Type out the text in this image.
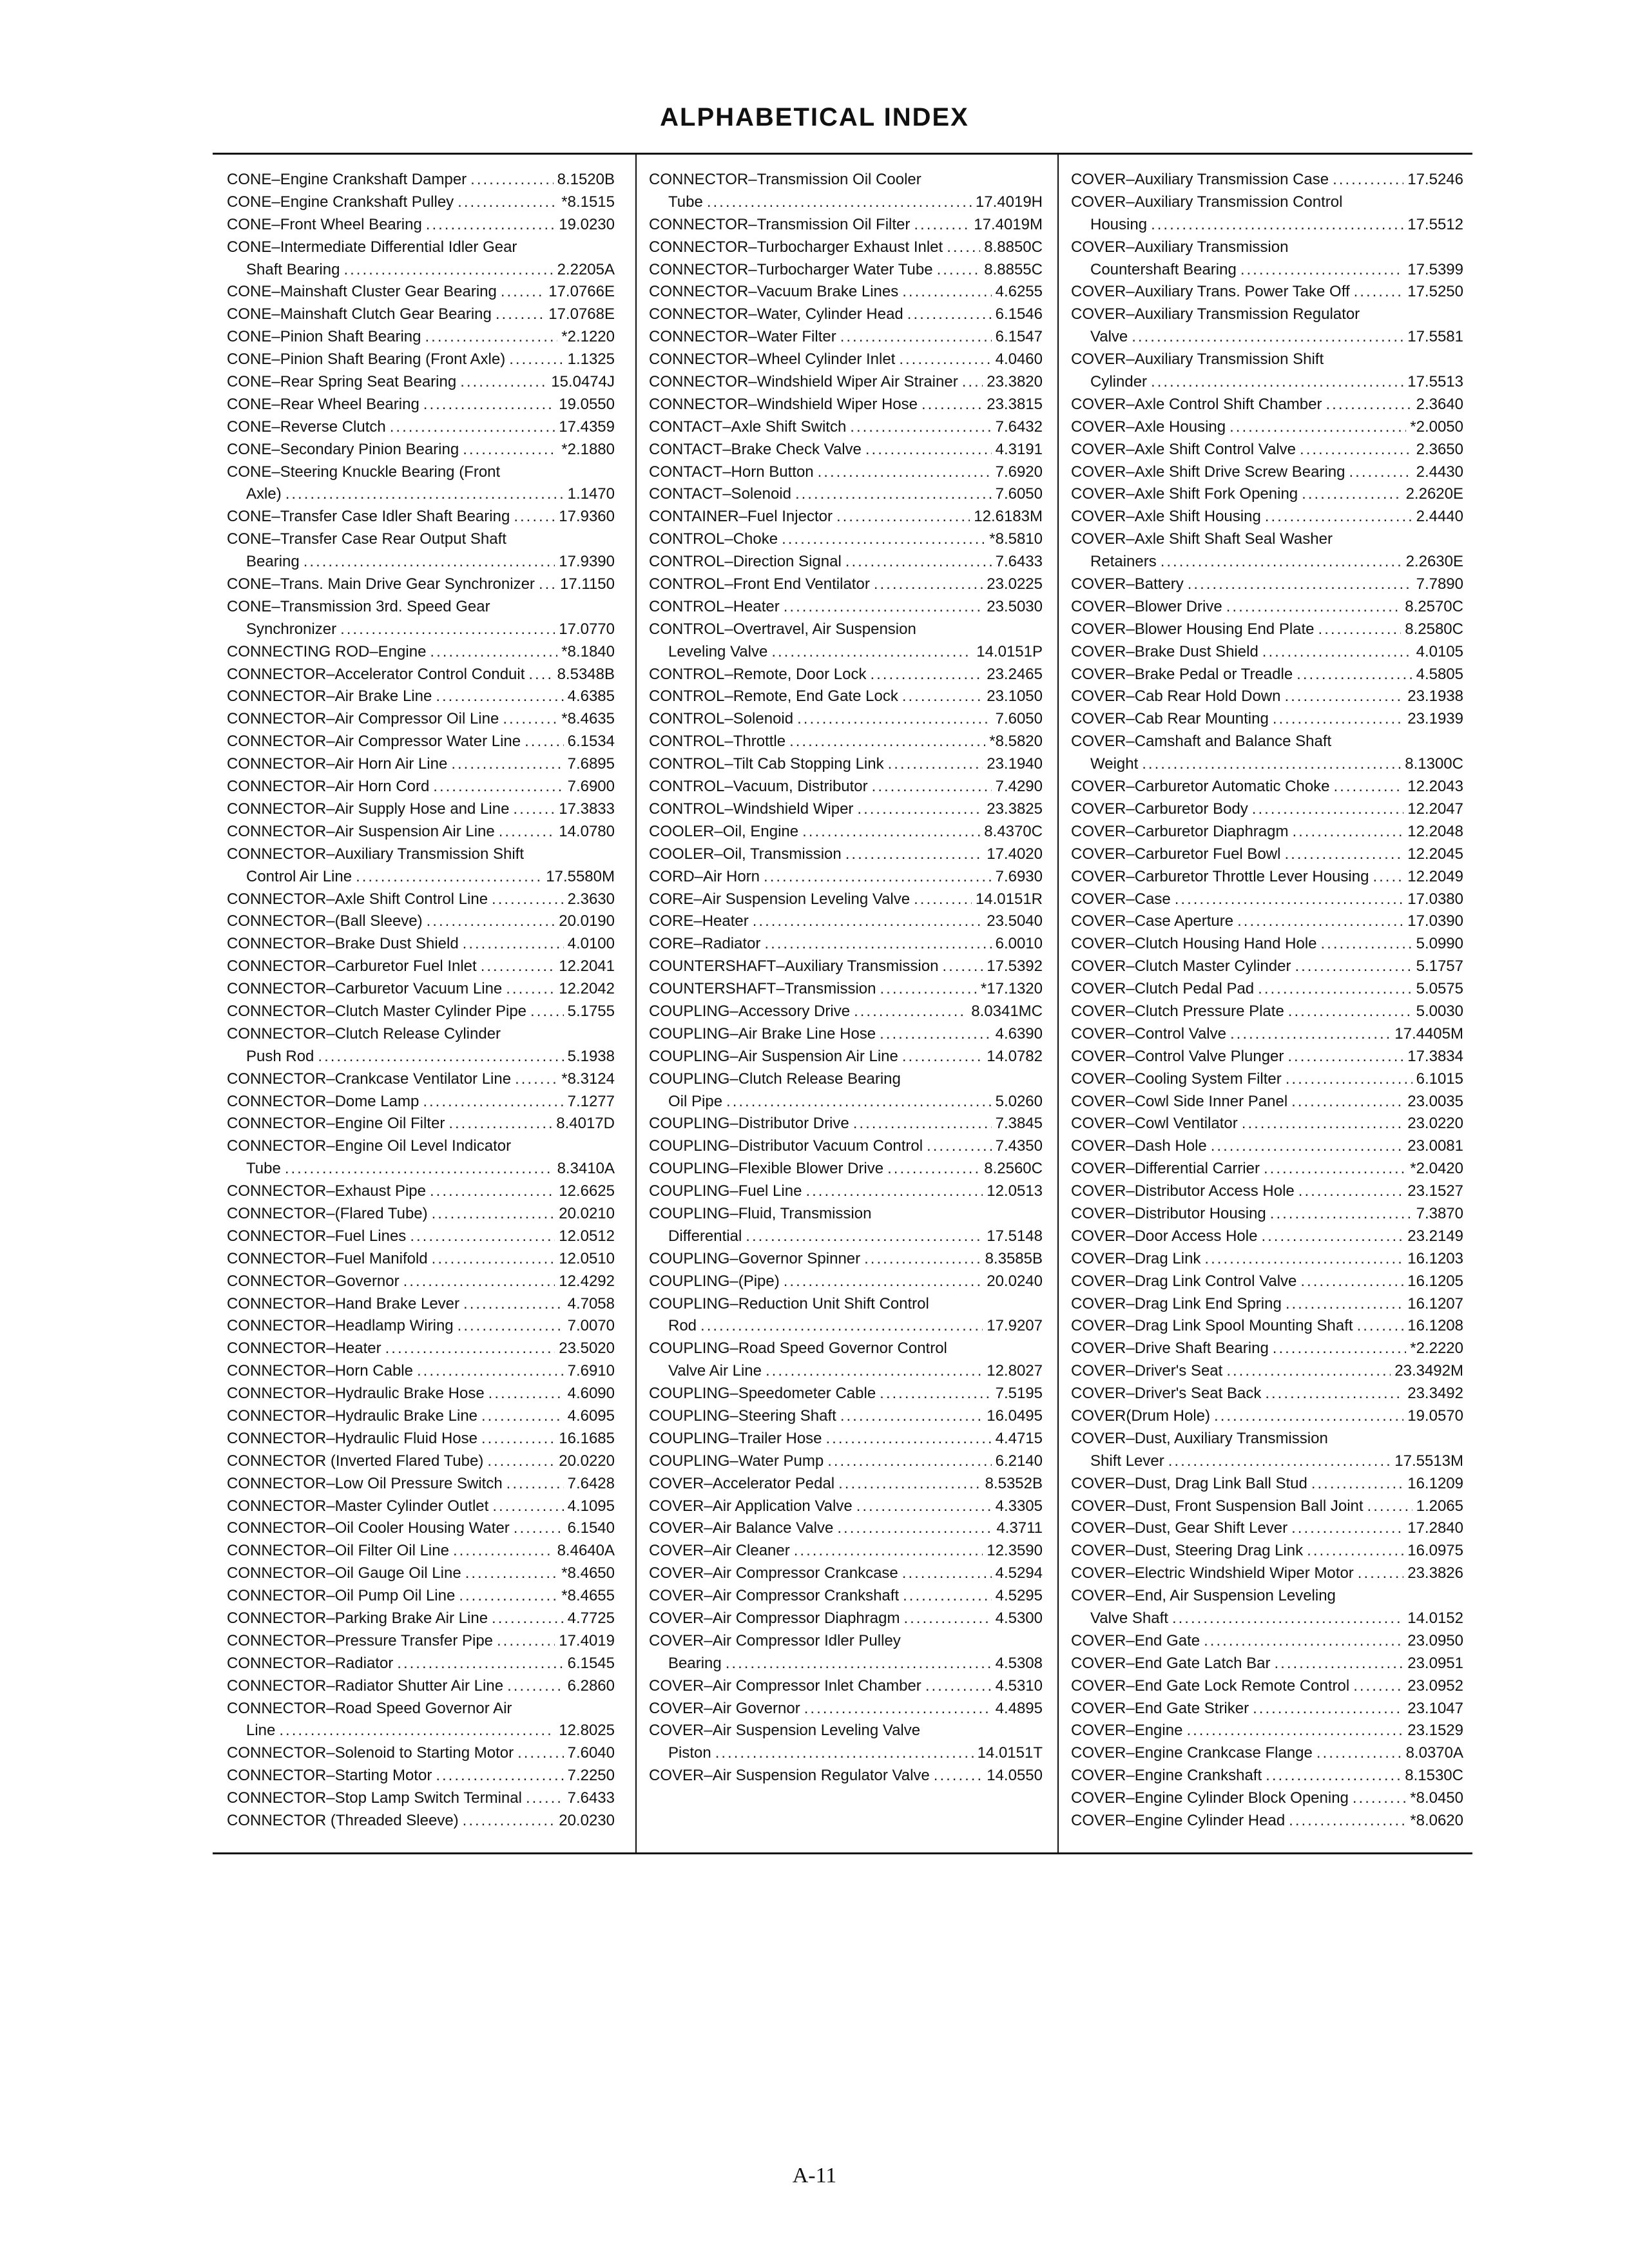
ALPHABETICAL INDEX
CONE–Engine Crankshaft Damper .....	8.1520B
CONE–Engine Crankshaft Pulley .....	*8.1515
CONE–Front Wheel Bearing .....	19.0230
CONE–Intermediate Differential Idler Gear
Shaft Bearing .....	2.2205A
CONE–Mainshaft Cluster Gear Bearing .....	17.0766E
CONE–Mainshaft Clutch Gear Bearing .....	17.0768E
CONE–Pinion Shaft Bearing .....	*2.1220
CONE–Pinion Shaft Bearing (Front Axle) .....	1.1325
CONE–Rear Spring Seat Bearing .....	15.0474J
CONE–Rear Wheel Bearing .....	19.0550
CONE–Reverse Clutch .....	17.4359
CONE–Secondary Pinion Bearing .....	*2.1880
CONE–Steering Knuckle Bearing (Front
Axle) .....	1.1470
CONE–Transfer Case Idler Shaft Bearing .....	17.9360
CONE–Transfer Case Rear Output Shaft
Bearing .....	17.9390
CONE–Trans. Main Drive Gear Synchronizer ..... 17.1150
CONE–Transmission 3rd. Speed Gear
Synchronizer .....	17.0770
CONNECTING ROD–Engine .....	*8.1840
CONNECTOR–Accelerator Control Conduit ..... 8.5348B
CONNECTOR–Air Brake Line .....	4.6385
CONNECTOR–Air Compressor Oil Line .....	*8.4635
CONNECTOR–Air Compressor Water Line .....	6.1534
CONNECTOR–Air Horn Air Line .....	7.6895
CONNECTOR–Air Horn Cord .....	7.6900
CONNECTOR–Air Supply Hose and Line .....	17.3833
CONNECTOR–Air Suspension Air Line .....	14.0780
CONNECTOR–Auxiliary Transmission Shift
Control Air Line .....	17.5580M
CONNECTOR–Axle Shift Control Line .....	2.3630
CONNECTOR–(Ball Sleeve) .....	20.0190
CONNECTOR–Brake Dust Shield .....	4.0100
CONNECTOR–Carburetor Fuel Inlet .....	12.2041
CONNECTOR–Carburetor Vacuum Line .....	12.2042
CONNECTOR–Clutch Master Cylinder Pipe .....	5.1755
CONNECTOR–Clutch Release Cylinder
Push Rod .....	5.1938
CONNECTOR–Crankcase Ventilator Line .....	*8.3124
CONNECTOR–Dome Lamp .....	7.1277
CONNECTOR–Engine Oil Filter .....	8.4017D
CONNECTOR–Engine Oil Level Indicator
Tube .....	8.3410A
CONNECTOR–Exhaust Pipe .....	12.6625
CONNECTOR–(Flared Tube) .....	20.0210
CONNECTOR–Fuel Lines .....	12.0512
CONNECTOR–Fuel Manifold .....	12.0510
CONNECTOR–Governor .....	12.4292
CONNECTOR–Hand Brake Lever .....	4.7058
CONNECTOR–Headlamp Wiring .....	7.0070
CONNECTOR–Heater .....	23.5020
CONNECTOR–Horn Cable .....	7.6910
CONNECTOR–Hydraulic Brake Hose .....	4.6090
CONNECTOR–Hydraulic Brake Line .....	4.6095
CONNECTOR–Hydraulic Fluid Hose .....	16.1685
CONNECTOR (Inverted Flared Tube) .....	20.0220
CONNECTOR–Low Oil Pressure Switch .....	7.6428
CONNECTOR–Master Cylinder Outlet .....	4.1095
CONNECTOR–Oil Cooler Housing Water .....	6.1540
CONNECTOR–Oil Filter Oil Line .....	8.4640A
CONNECTOR–Oil Gauge Oil Line .....	*8.4650
CONNECTOR–Oil Pump Oil Line .....	*8.4655
CONNECTOR–Parking Brake Air Line .....	4.7725
CONNECTOR–Pressure Transfer Pipe .....	17.4019
CONNECTOR–Radiator .....	6.1545
CONNECTOR–Radiator Shutter Air Line .....	6.2860
CONNECTOR–Road Speed Governor Air
Line .....	12.8025
CONNECTOR–Solenoid to Starting Motor .....	7.6040
CONNECTOR–Starting Motor .....	7.2250
CONNECTOR–Stop Lamp Switch Terminal .....	7.6433
CONNECTOR (Threaded Sleeve) .....	20.0230
CONNECTOR–Transmission Oil Cooler
Tube .....	17.4019H
CONNECTOR–Transmission Oil Filter .....	17.4019M
CONNECTOR–Turbocharger Exhaust Inlet .....	8.8850C
CONNECTOR–Turbocharger Water Tube .....	8.8855C
CONNECTOR–Vacuum Brake Lines .....	4.6255
CONNECTOR–Water, Cylinder Head .....	6.1546
CONNECTOR–Water Filter .....	6.1547
CONNECTOR–Wheel Cylinder Inlet .....	4.0460
CONNECTOR–Windshield Wiper Air Strainer ..... 23.3820
CONNECTOR–Windshield Wiper Hose .....	23.3815
CONTACT–Axle Shift Switch .....	7.6432
CONTACT–Brake Check Valve .....	4.3191
CONTACT–Horn Button .....	7.6920
CONTACT–Solenoid .....	7.6050
CONTAINER–Fuel Injector .....	12.6183M
CONTROL–Choke .....	*8.5810
CONTROL–Direction Signal .....	7.6433
CONTROL–Front End Ventilator .....	23.0225
CONTROL–Heater .....	23.5030
CONTROL–Overtravel, Air Suspension
Leveling Valve .....	14.0151P
CONTROL–Remote, Door Lock .....	23.2465
CONTROL–Remote, End Gate Lock .....	23.1050
CONTROL–Solenoid .....	7.6050
CONTROL–Throttle .....	*8.5820
CONTROL–Tilt Cab Stopping Link .....	23.1940
CONTROL–Vacuum, Distributor .....	7.4290
CONTROL–Windshield Wiper .....	23.3825
COOLER–Oil, Engine .....	8.4370C
COOLER–Oil, Transmission .....	17.4020
CORD–Air Horn .....	7.6930
CORE–Air Suspension Leveling Valve .....	14.0151R
CORE–Heater .....	23.5040
CORE–Radiator .....	6.0010
COUNTERSHAFT–Auxiliary Transmission .....	17.5392
COUNTERSHAFT–Transmission .....	*17.1320
COUPLING–Accessory Drive .....	8.0341MC
COUPLING–Air Brake Line Hose .....	4.6390
COUPLING–Air Suspension Air Line .....	14.0782
COUPLING–Clutch Release Bearing
Oil Pipe .....	5.0260
COUPLING–Distributor Drive .....	7.3845
COUPLING–Distributor Vacuum Control .....	7.4350
COUPLING–Flexible Blower Drive .....	8.2560C
COUPLING–Fuel Line .....	12.0513
COUPLING–Fluid, Transmission
Differential .....	17.5148
COUPLING–Governor Spinner .....	8.3585B
COUPLING–(Pipe) .....	20.0240
COUPLING–Reduction Unit Shift Control
Rod .....	17.9207
COUPLING–Road Speed Governor Control
Valve Air Line .....	12.8027
COUPLING–Speedometer Cable .....	7.5195
COUPLING–Steering Shaft .....	16.0495
COUPLING–Trailer Hose .....	4.4715
COUPLING–Water Pump .....	6.2140
COVER–Accelerator Pedal .....	8.5352B
COVER–Air Application Valve .....	4.3305
COVER–Air Balance Valve .....	4.3711
COVER–Air Cleaner .....	12.3590
COVER–Air Compressor Crankcase .....	4.5294
COVER–Air Compressor Crankshaft .....	4.5295
COVER–Air Compressor Diaphragm .....	4.5300
COVER–Air Compressor Idler Pulley
Bearing .....	4.5308
COVER–Air Compressor Inlet Chamber .....	4.5310
COVER–Air Governor .....	4.4895
COVER–Air Suspension Leveling Valve
Piston .....	14.0151T
COVER–Air Suspension Regulator Valve .....	14.0550
COVER–Auxiliary Transmission Case .....	17.5246
COVER–Auxiliary Transmission Control
Housing .....	17.5512
COVER–Auxiliary Transmission
Countershaft Bearing .....	17.5399
COVER–Auxiliary Trans. Power Take Off .....	17.5250
COVER–Auxiliary Transmission Regulator
Valve .....	17.5581
COVER–Auxiliary Transmission Shift
Cylinder .....	17.5513
COVER–Axle Control Shift Chamber .....	2.3640
COVER–Axle Housing .....	*2.0050
COVER–Axle Shift Control Valve .....	2.3650
COVER–Axle Shift Drive Screw Bearing .....	2.4430
COVER–Axle Shift Fork Opening .....	2.2620E
COVER–Axle Shift Housing .....	2.4440
COVER–Axle Shift Shaft Seal Washer
Retainers .....	2.2630E
COVER–Battery .....	7.7890
COVER–Blower Drive .....	8.2570C
COVER–Blower Housing End Plate .....	8.2580C
COVER–Brake Dust Shield .....	4.0105
COVER–Brake Pedal or Treadle .....	4.5805
COVER–Cab Rear Hold Down .....	23.1938
COVER–Cab Rear Mounting .....	23.1939
COVER–Camshaft and Balance Shaft
Weight .....	8.1300C
COVER–Carburetor Automatic Choke .....	12.2043
COVER–Carburetor Body .....	12.2047
COVER–Carburetor Diaphragm .....	12.2048
COVER–Carburetor Fuel Bowl .....	12.2045
COVER–Carburetor Throttle Lever Housing ..... 12.2049
COVER–Case .....	17.0380
COVER–Case Aperture .....	17.0390
COVER–Clutch Housing Hand Hole .....	5.0990
COVER–Clutch Master Cylinder .....	5.1757
COVER–Clutch Pedal Pad .....	5.0575
COVER–Clutch Pressure Plate .....	5.0030
COVER–Control Valve .....	17.4405M
COVER–Control Valve Plunger .....	17.3834
COVER–Cooling System Filter .....	6.1015
COVER–Cowl Side Inner Panel .....	23.0035
COVER–Cowl Ventilator .....	23.0220
COVER–Dash Hole .....	23.0081
COVER–Differential Carrier .....	*2.0420
COVER–Distributor Access Hole .....	23.1527
COVER–Distributor Housing .....	7.3870
COVER–Door Access Hole .....	23.2149
COVER–Drag Link .....	16.1203
COVER–Drag Link Control Valve .....	16.1205
COVER–Drag Link End Spring .....	16.1207
COVER–Drag Link Spool Mounting Shaft .....	16.1208
COVER–Drive Shaft Bearing .....	*2.2220
COVER–Driver's Seat .....	23.3492M
COVER–Driver's Seat Back .....	23.3492
COVER(Drum Hole) .....	19.0570
COVER–Dust, Auxiliary Transmission
Shift Lever .....	17.5513M
COVER–Dust, Drag Link Ball Stud .....	16.1209
COVER–Dust, Front Suspension Ball Joint .....	1.2065
COVER–Dust, Gear Shift Lever .....	17.2840
COVER–Dust, Steering Drag Link .....	16.0975
COVER–Electric Windshield Wiper Motor .....	23.3826
COVER–End, Air Suspension Leveling
Valve Shaft .....	14.0152
COVER–End Gate .....	23.0950
COVER–End Gate Latch Bar .....	23.0951
COVER–End Gate Lock Remote Control .....	23.0952
COVER–End Gate Striker .....	23.1047
COVER–Engine .....	23.1529
COVER–Engine Crankcase Flange .....	8.0370A
COVER–Engine Crankshaft .....	8.1530C
COVER–Engine Cylinder Block Opening .....	*8.0450
COVER–Engine Cylinder Head .....	*8.0620
A-11
